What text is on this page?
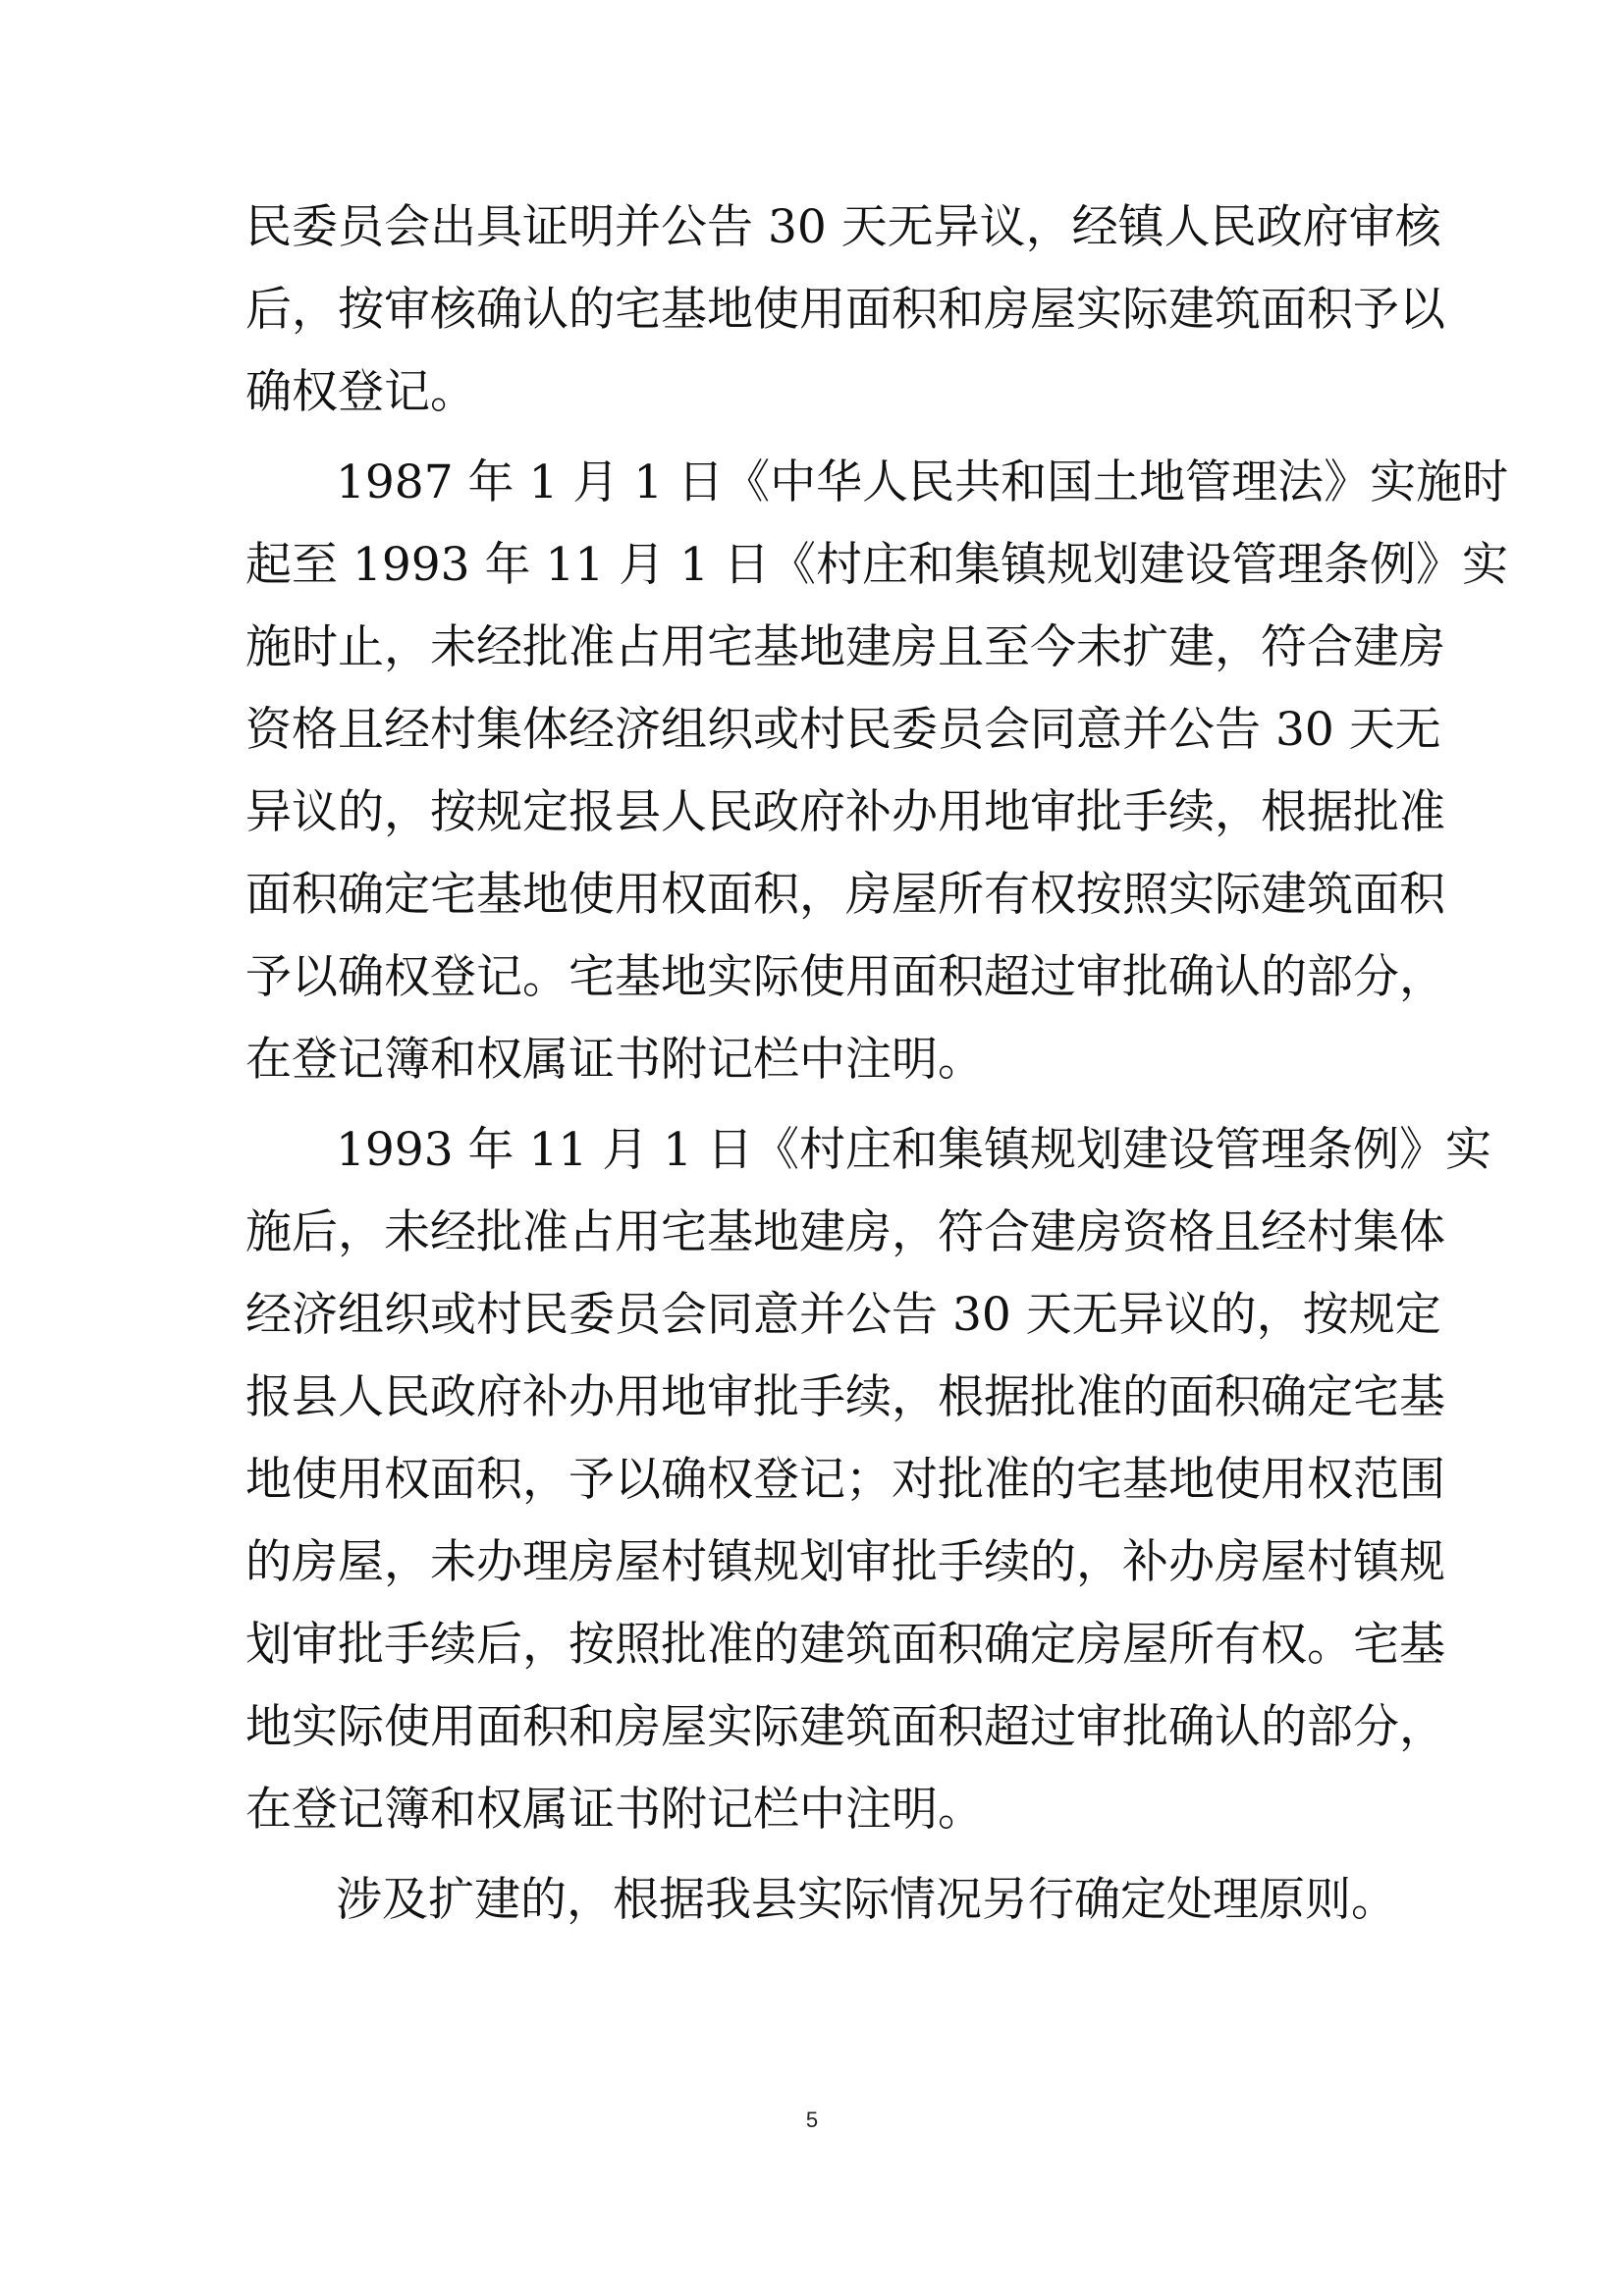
民委员会出具证明并公告 30 天无异议，经镇人民政府审核
后，按审核确认的宅基地使用面积和房屋实际建筑面积予以
确权登记。
1987 年 1 月 1 日《中华人民共和国土地管理法》实施时
起至 1993 年 11 月 1 日《村庄和集镇规划建设管理条例》实
施时止，未经批准占用宅基地建房且至今未扩建，符合建房
资格且经村集体经济组织或村民委员会同意并公告 30 天无
异议的，按规定报县人民政府补办用地审批手续，根据批准
面积确定宅基地使用权面积，房屋所有权按照实际建筑面积
予以确权登记。宅基地实际使用面积超过审批确认的部分，
在登记簿和权属证书附记栏中注明。
1993 年 11 月 1 日《村庄和集镇规划建设管理条例》实
施后，未经批准占用宅基地建房，符合建房资格且经村集体
经济组织或村民委员会同意并公告 30 天无异议的，按规定
报县人民政府补办用地审批手续，根据批准的面积确定宅基
地使用权面积，予以确权登记；对批准的宅基地使用权范围
的房屋，未办理房屋村镇规划审批手续的，补办房屋村镇规
划审批手续后，按照批准的建筑面积确定房屋所有权。宅基
地实际使用面积和房屋实际建筑面积超过审批确认的部分，
在登记簿和权属证书附记栏中注明。
涉及扩建的，根据我县实际情况另行确定处理原则。
5
